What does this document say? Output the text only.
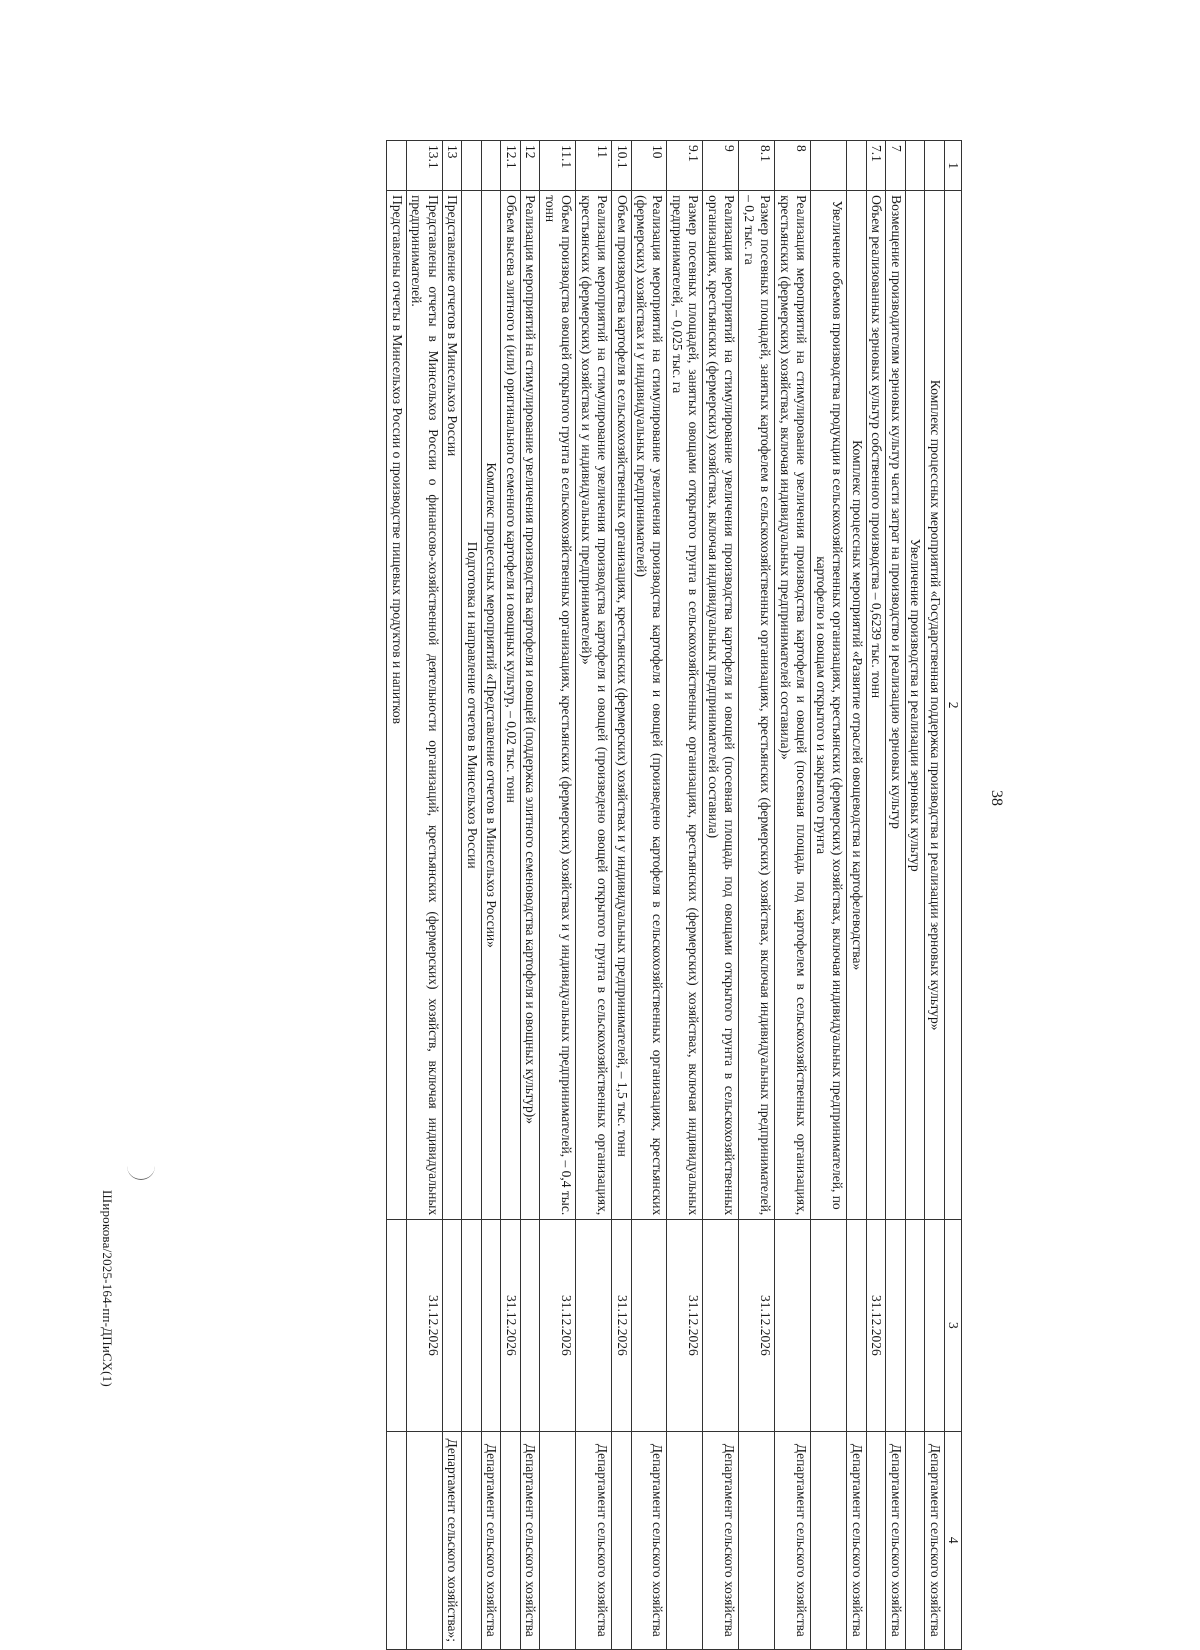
38
1	2	3	4
	Комплекс процессных мероприятий «Государственная поддержка производства и реализации зерновых культур»		Департамент сельского хозяйства
	Увеличение производства и реализации зерновых культур		
7	Возмещение производителям зерновых культур части затрат на производство и реализацию зерновых культур		Департамент сельского хозяйства
7.1	Объем реализованных зерновых культур собственного производства – 0,6239 тыс. тонн	31.12.2026	
	Комплекс процессных мероприятий «Развитие отраслей овощеводства и картофелеводства»		Департамент сельского хозяйства
	Увеличение объемов производства продукции в сельскохозяйственных организациях, крестьянских (фермерских) хозяйствах, включая индивидуальных предпринимателей, по картофелю и овощам открытого и закрытого грунта		
8	Реализация мероприятий на стимулирование увеличения производства картофеля и овощей (посевная площадь под картофелем в сельскохозяйственных организациях, крестьянских (фермерских) хозяйствах, включая индивидуальных предпринимателей составила)»		Департамент сельского хозяйства
8.1	Размер посевных площадей, занятых картофелем в сельскохозяйственных организациях, крестьянских (фермерских) хозяйствах, включая индивидуальных предпринимателей, – 0,2 тыс. га	31.12.2026	
9	Реализация мероприятий на стимулирование увеличения производства картофеля и овощей (посевная площадь под овощами открытого грунта в сельскохозяйственных организациях, крестьянских (фермерских) хозяйствах, включая индивидуальных предпринимателей составила)		Департамент сельского хозяйства
9.1	Размер посевных площадей, занятых овощами открытого грунта в сельскохозяйственных организациях, крестьянских (фермерских) хозяйствах, включая индивидуальных предпринимателей, – 0,025 тыс. га	31.12.2026	
10	Реализация мероприятий на стимулирование увеличения производства картофеля и овощей (произведено картофеля в сельскохозяйственных организациях, крестьянских (фермерских) хозяйствах и у индивидуальных предпринимателей)		Департамент сельского хозяйства
10.1	Объем производства картофеля в сельскохозяйственных организациях, крестьянских (фермерских) хозяйствах и у индивидуальных предпринимателей, – 1,5 тыс. тонн	31.12.2026	
11	Реализация мероприятий на стимулирование увеличения производства картофеля и овощей (произведено овощей открытого грунта в сельскохозяйственных организациях, крестьянских (фермерских) хозяйствах и у индивидуальных предпринимателей)»		Департамент сельского хозяйства
11.1	Объем производства овощей открытого грунта в сельскохозяйственных организациях, крестьянских (фермерских) хозяйствах и у индивидуальных предпринимателей, – 0,4 тыс. тонн	31.12.2026	
12	Реализация мероприятий на стимулирование увеличения производства картофеля и овощей (поддержка элитного семеноводства картофеля и овощных культур)»		Департамент сельского хозяйства
12.1	Объем высева элитного и (или) оригинального семенного картофеля и овощных культур, – 0,02 тыс. тонн	31.12.2026	
	Комплекс процессных мероприятий «Представление отчетов в Минсельхоз России»		Департамент сельского хозяйства
	Подготовка и направление отчетов в Минсельхоз России		
13	Представление отчетов в Минсельхоз России		Департамент сельского хозяйства»;
13.1	Представлены отчеты в Минсельхоз России о финансово-хозяйственной деятельности организаций, крестьянских (фермерских) хозяйств, включая индивидуальных предпринимателей.	31.12.2026	
	Представлены отчеты в Минсельхоз России о производстве пищевых продуктов и напитков		
Широкова/2025-164-пп-ДПиСХ(1)
